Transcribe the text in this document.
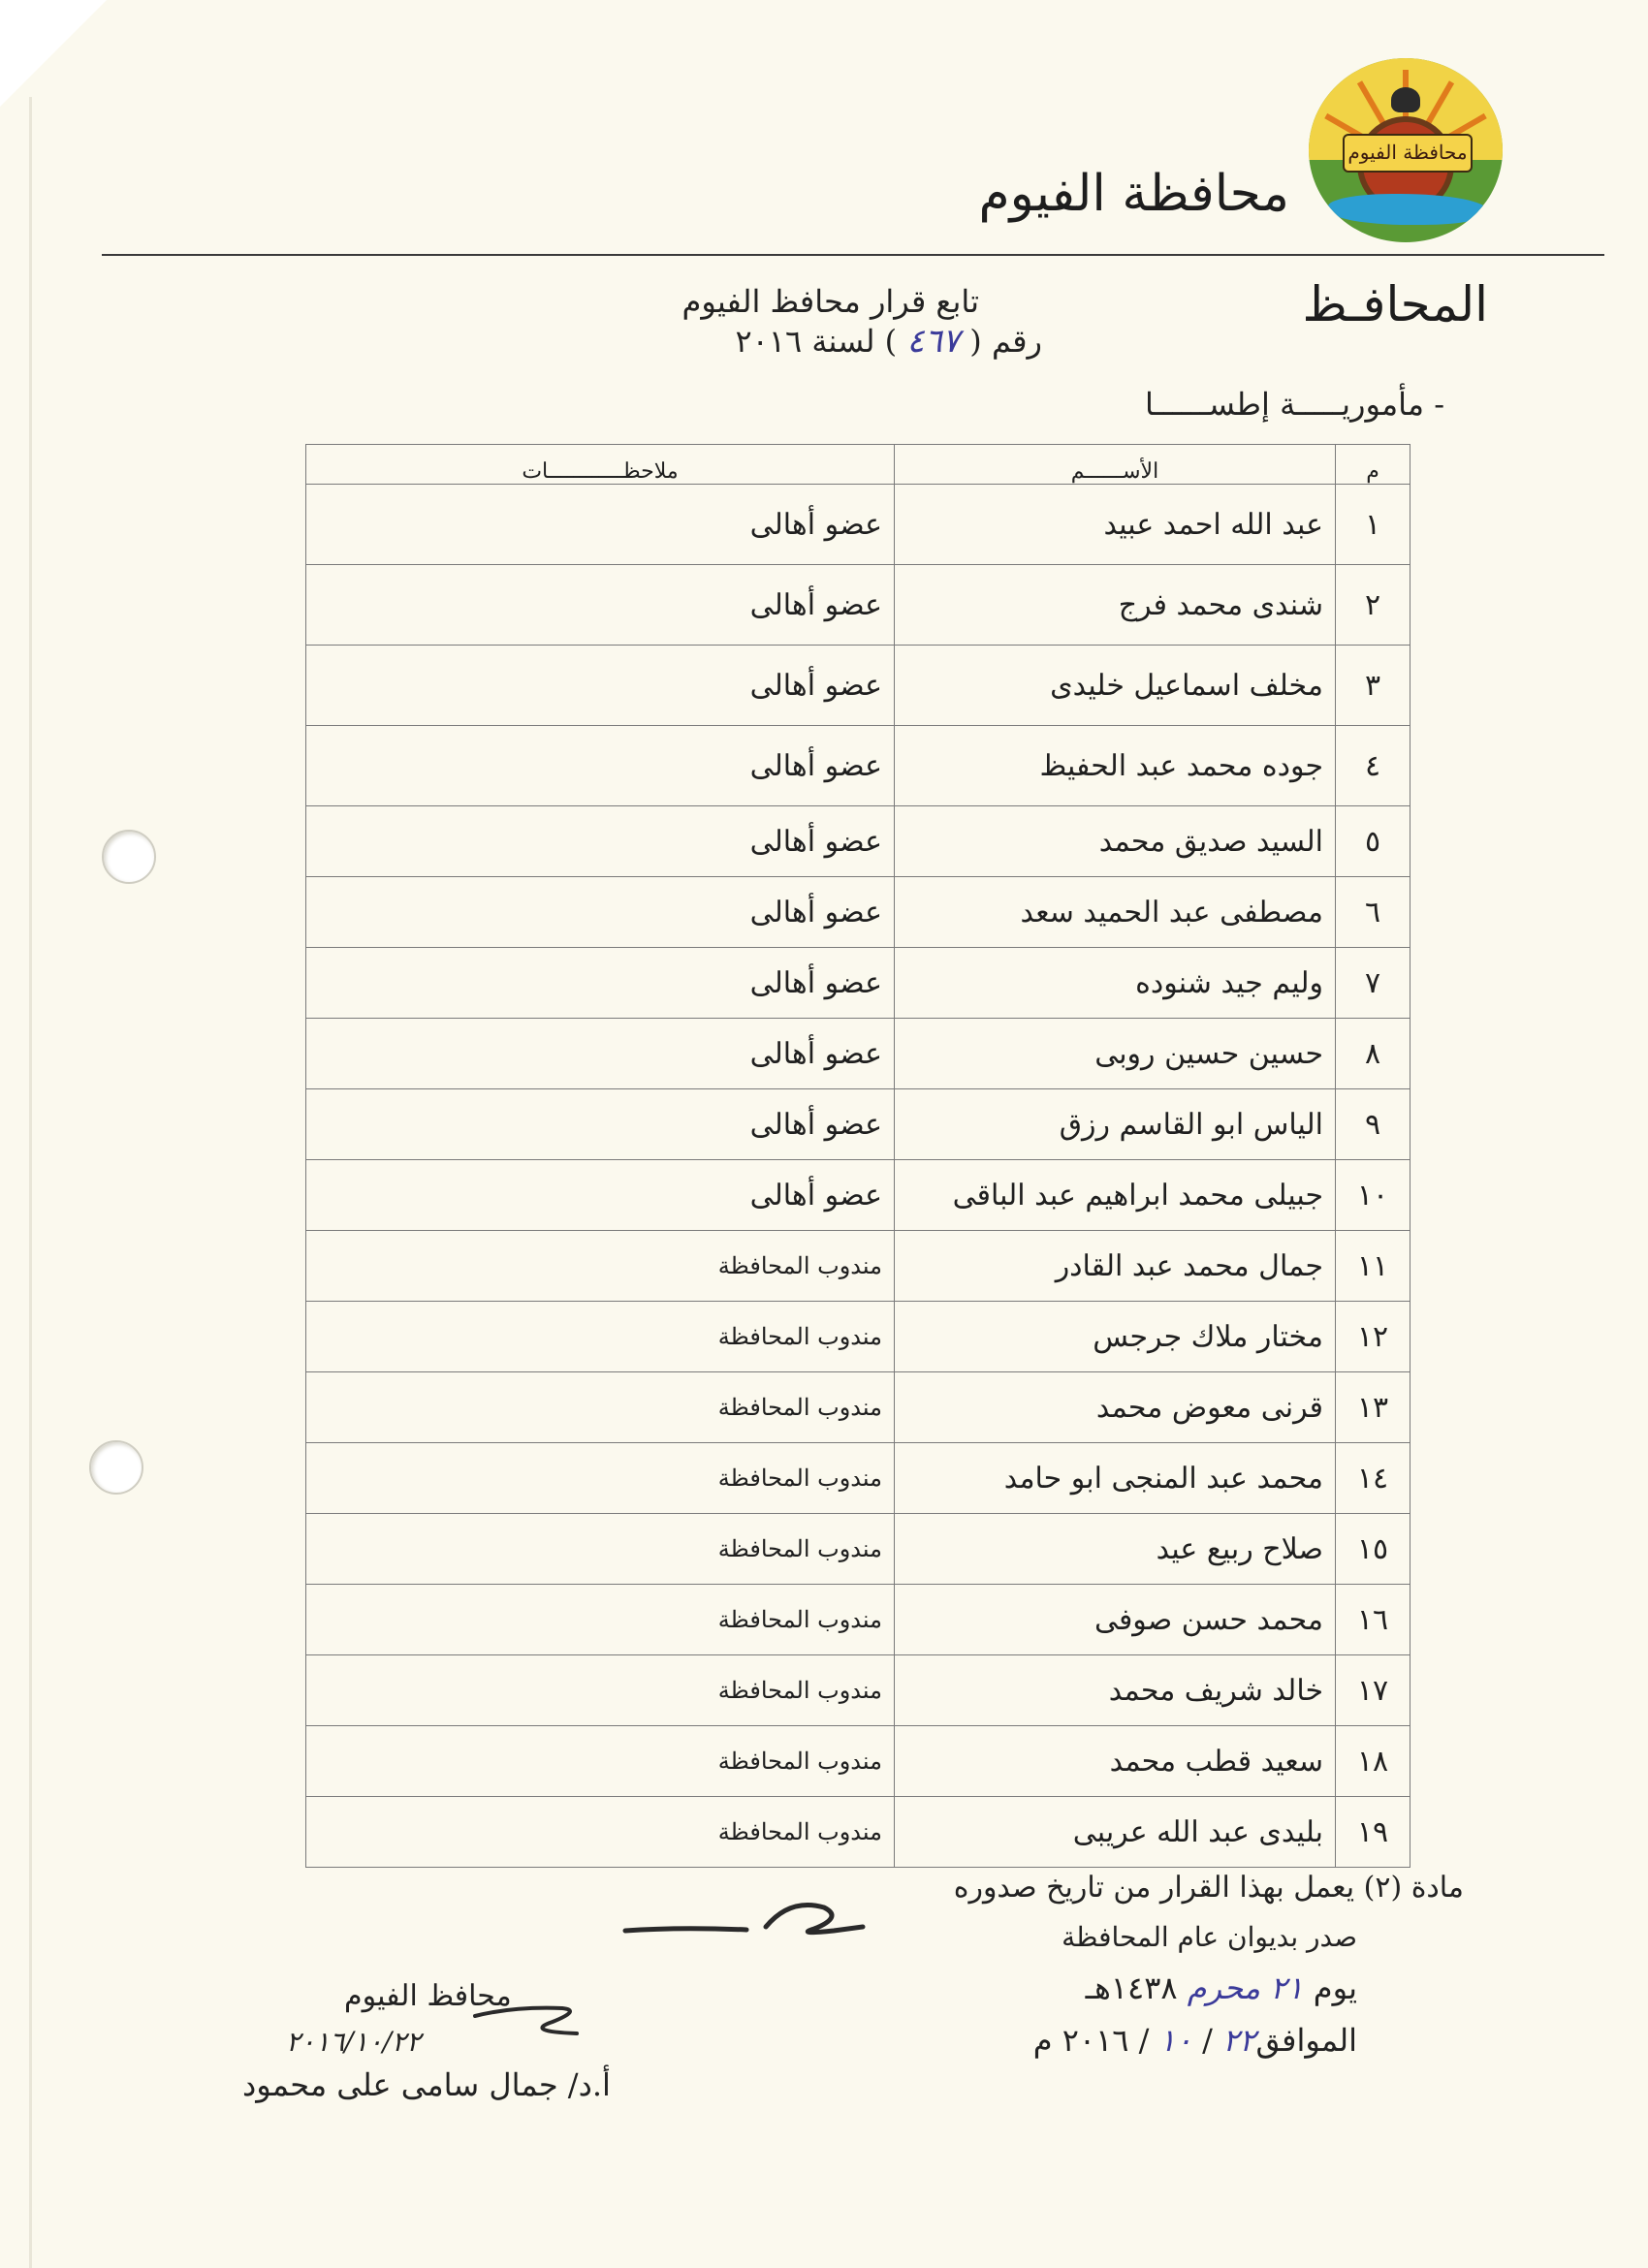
محافظة الفيوم
محافظة الفيوم
المحافـظ
تابع قرار محافظ الفيوم
رقم ( ٤٦٧ ) لسنة ٢٠١٦
- مأموريـــــة إطســــــا
م	الأســــــم	ملاحظــــــــــــات
١	عبد الله احمد عبيد	عضو أهالى
٢	شندى محمد فرج	عضو أهالى
٣	مخلف اسماعيل خليدى	عضو أهالى
٤	جوده محمد عبد الحفيظ	عضو أهالى
٥	السيد صديق محمد	عضو أهالى
٦	مصطفى عبد الحميد سعد	عضو أهالى
٧	وليم جيد شنوده	عضو أهالى
٨	حسين حسين روبى	عضو أهالى
٩	الياس ابو القاسم رزق	عضو أهالى
١٠	جبيلى محمد ابراهيم عبد الباقى	عضو أهالى
١١	جمال محمد عبد القادر	مندوب المحافظة
١٢	مختار ملاك جرجس	مندوب المحافظة
١٣	قرنى معوض محمد	مندوب المحافظة
١٤	محمد عبد المنجى ابو حامد	مندوب المحافظة
١٥	صلاح ربيع عيد	مندوب المحافظة
١٦	محمد حسن صوفى	مندوب المحافظة
١٧	خالد شريف محمد	مندوب المحافظة
١٨	سعيد قطب محمد	مندوب المحافظة
١٩	بليدى عبد الله عريبى	مندوب المحافظة
مادة (٢) يعمل بهذا القرار من تاريخ صدوره
صدر بديوان عام المحافظة
يوم ٢١ محرم ١٤٣٨هـ
الموافق٢٢ / ١٠ / ٢٠١٦ م
محافظ الفيوم
٢٠١٦/١٠/٢٢
أ.د/ جمال سامى على محمود
